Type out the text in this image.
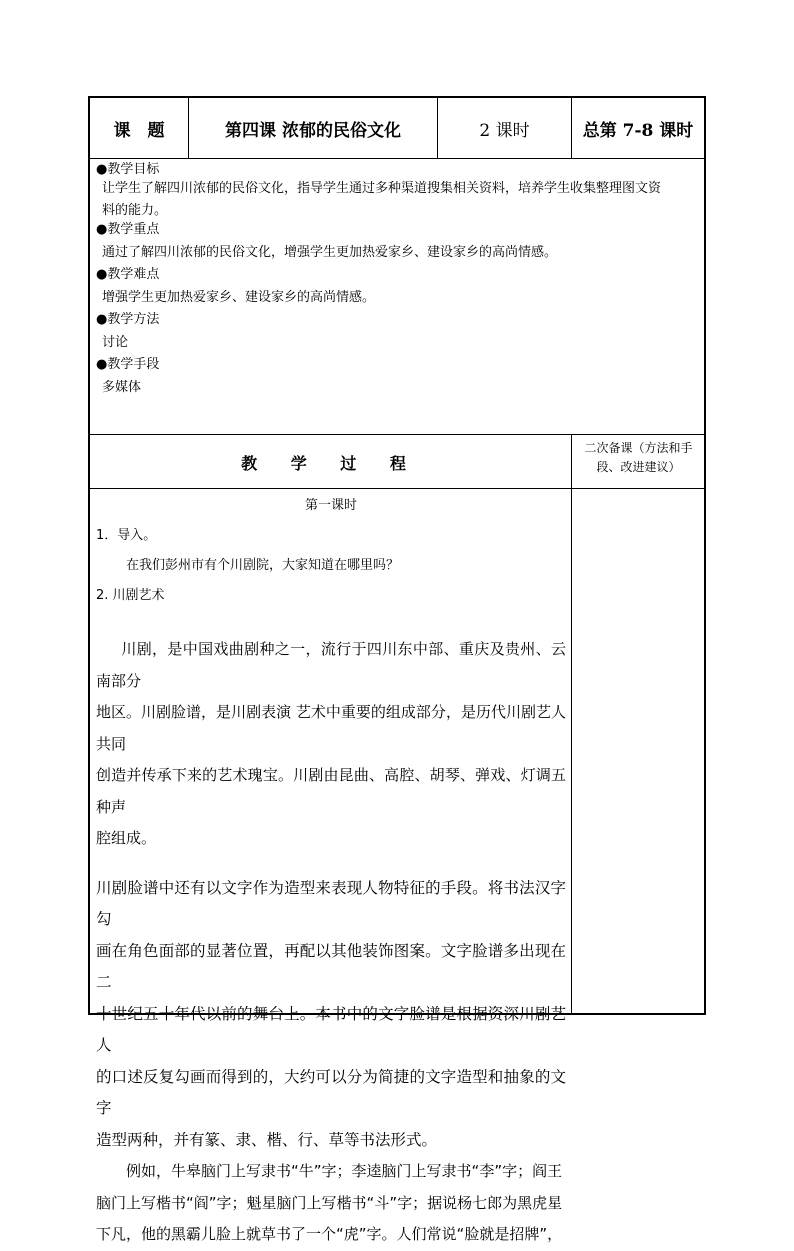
课　题	第四课 浓郁的民俗文化	2 课时	总第 7-8 课时
●教学目标
让学生了解四川浓郁的民俗文化，指导学生通过多种渠道搜集相关资料，培养学生收集整理图文资
料的能力。
●教学重点
通过了解四川浓郁的民俗文化，增强学生更加热爱家乡、建设家乡的高尚情感。
●教学难点
增强学生更加热爱家乡、建设家乡的高尚情感。
●教学方法
讨论
●教学手段
多媒体
教 学 过 程
二次备课（方法和手
段、改进建议）
第一课时
1．导入。
在我们彭州市有个川剧院，大家知道在哪里吗？
2. 川剧艺术
川剧，是中国戏曲剧种之一，流行于四川东中部、重庆及贵州、云南部分
地区。川剧脸谱，是川剧表演 艺术中重要的组成部分，是历代川剧艺人共同
创造并传承下来的艺术瑰宝。川剧由昆曲、高腔、胡琴、弹戏、灯调五种声
腔组成。
川剧脸谱中还有以文字作为造型来表现人物特征的手段。将书法汉字勾
画在角色面部的显著位置，再配以其他装饰图案。文字脸谱多出现在二
十世纪五十年代以前的舞台上。本书中的文字脸谱是根据资深川剧艺人
的口述反复勾画而得到的，大约可以分为简捷的文字造型和抽象的文字
造型两种，并有篆、隶、楷、行、草等书法形式。
例如，牛皋脑门上写隶书“牛”字；李逵脑门上写隶书“李”字；阎王
脑门上写楷书“阎”字；魁星脑门上写楷书“斗”字；据说杨七郎为黑虎星
下凡，他的黑霸儿脸上就草书了一个“虎”字。人们常说“脸就是招牌”，
